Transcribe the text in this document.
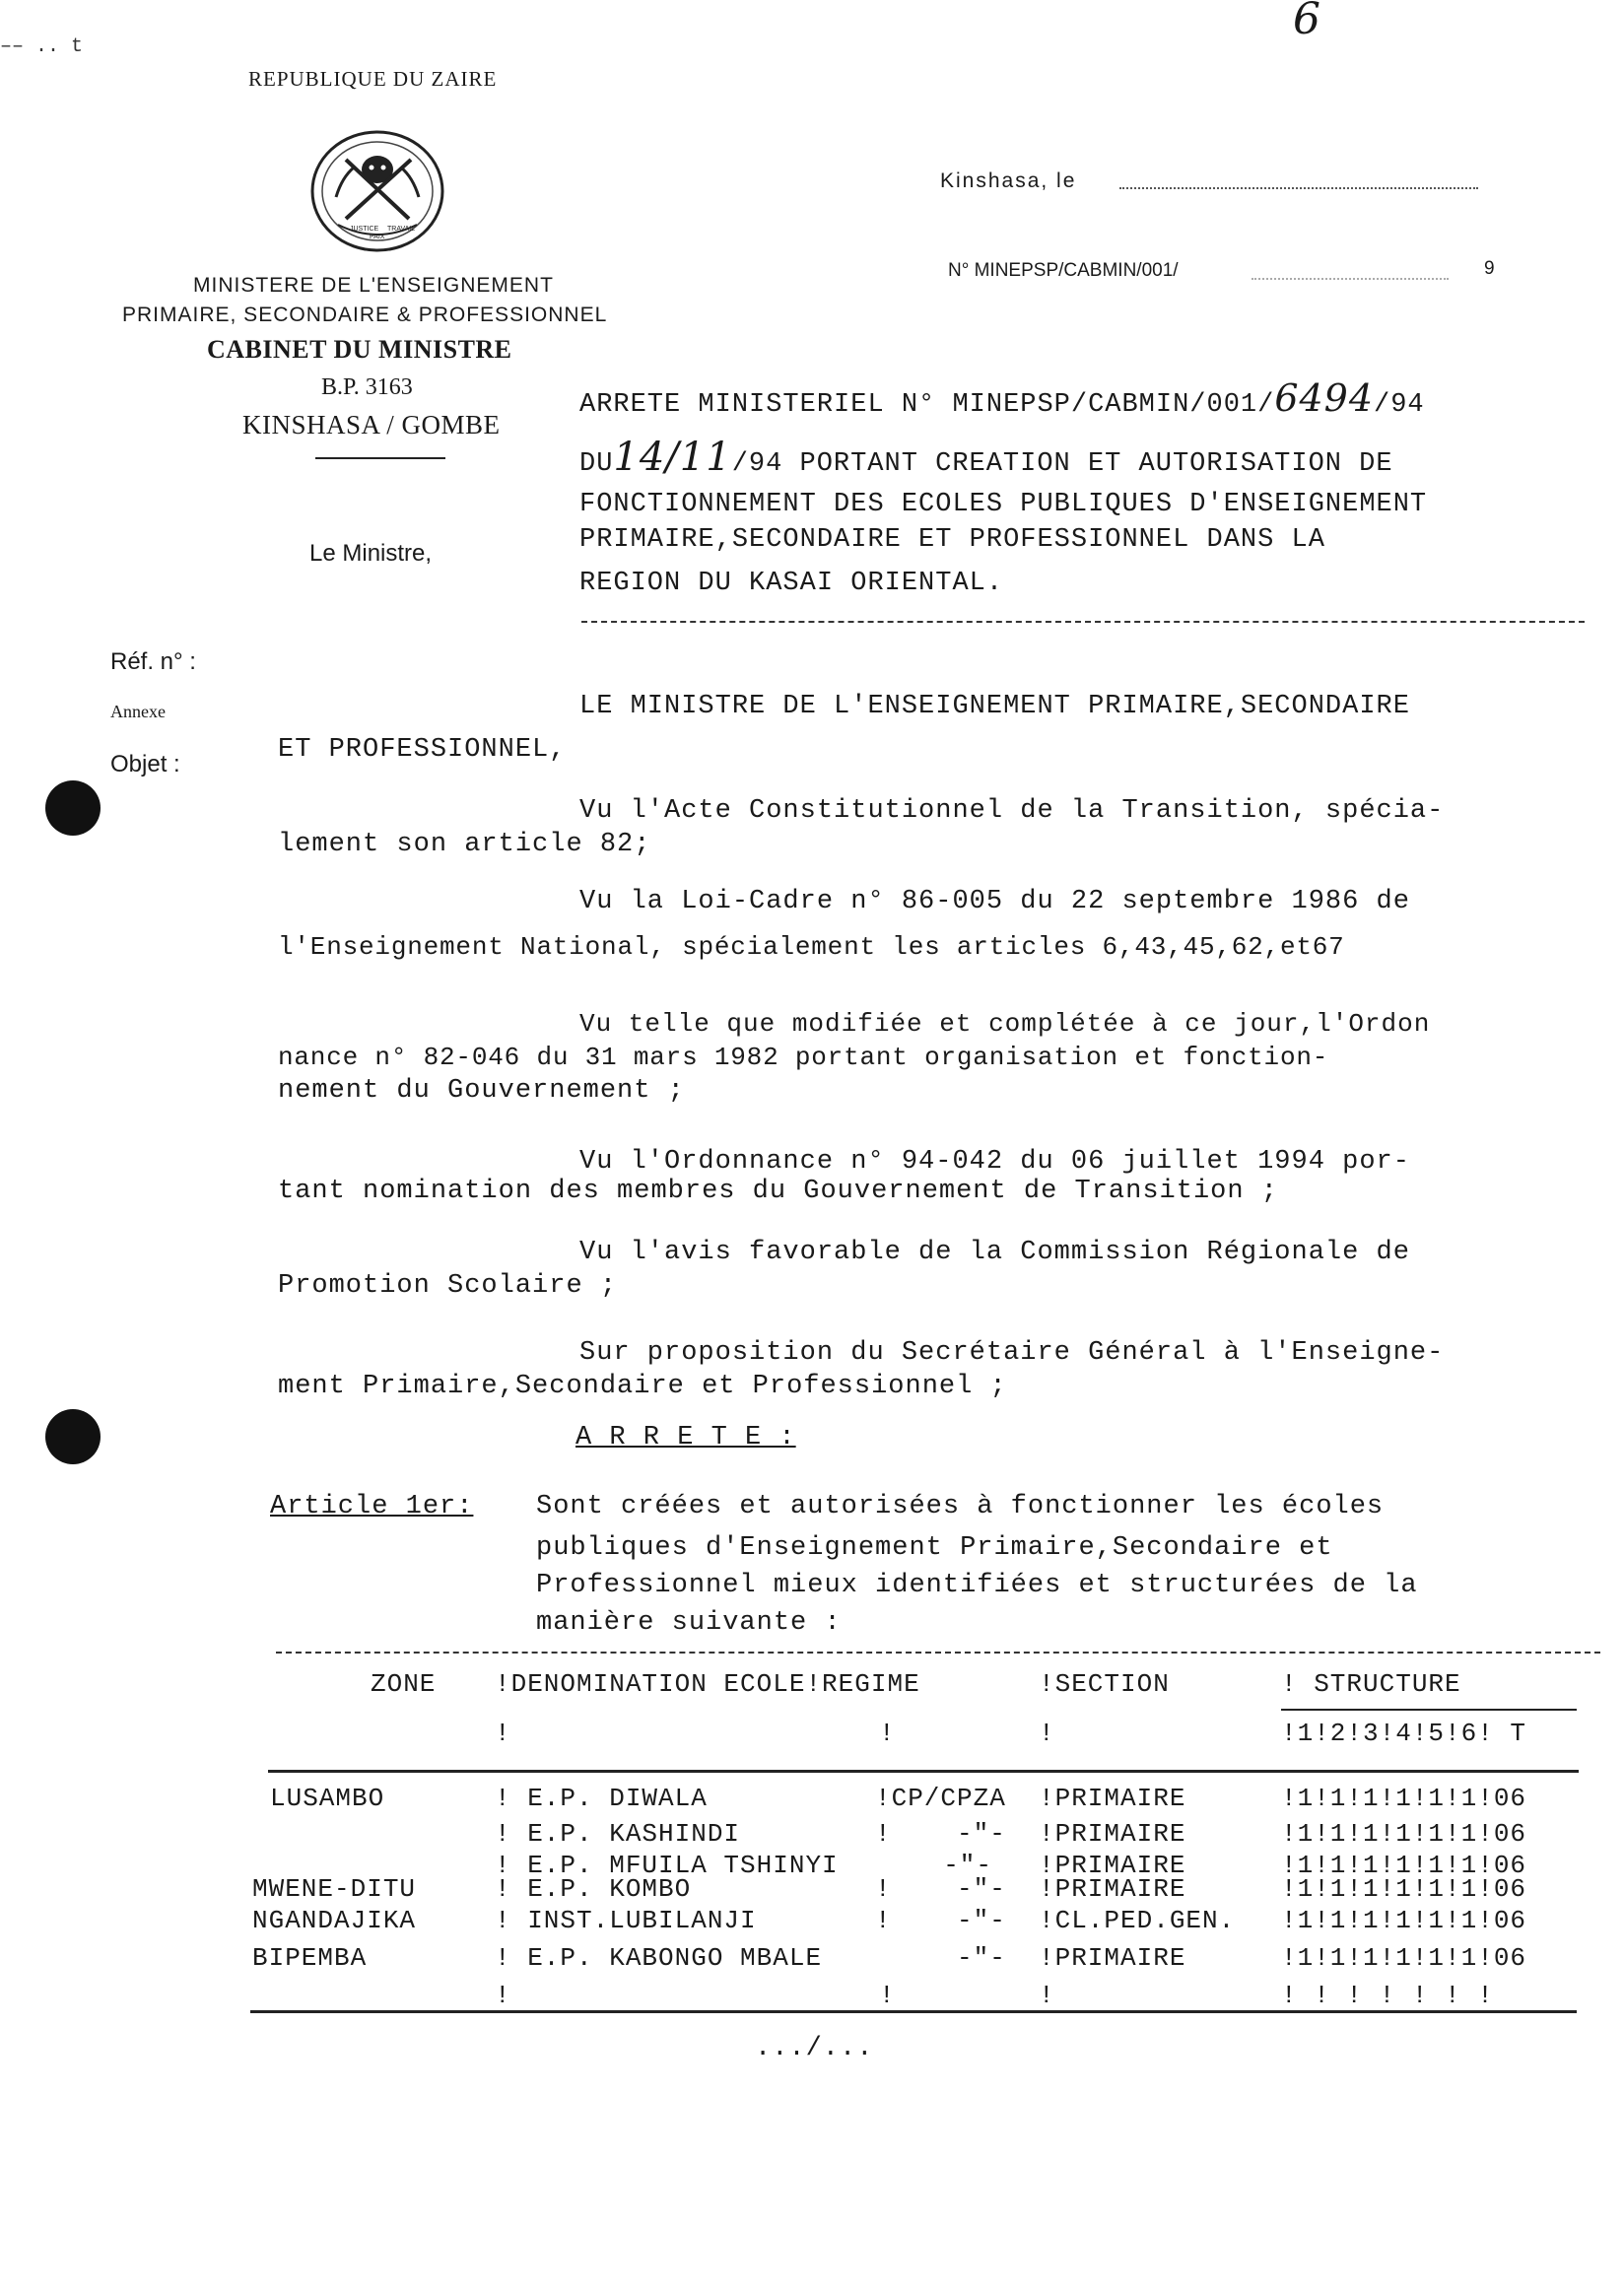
‒‒ .. t
6
REPUBLIQUE DU ZAIRE
JUSTICE
PAIX
TRAVAIL
MINISTERE DE L'ENSEIGNEMENT
PRIMAIRE, SECONDAIRE & PROFESSIONNEL
CABINET DU MINISTRE
B.P. 3163
KINSHASA / GOMBE
Le Ministre,
Kinshasa, le
N° MINEPSP/CABMIN/001/	9
Réf. n° :
Annexe
Objet :
ARRETE MINISTERIEL N° MINEPSP/CABMIN/001/6494/94
DU14/11/94 PORTANT CREATION ET AUTORISATION DE
FONCTIONNEMENT DES ECOLES PUBLIQUES D'ENSEIGNEMENT
PRIMAIRE,SECONDAIRE ET PROFESSIONNEL DANS LA
REGION DU KASAI ORIENTAL.
LE MINISTRE DE L'ENSEIGNEMENT PRIMAIRE,SECONDAIRE
ET PROFESSIONNEL,
Vu l'Acte Constitutionnel de la Transition, spécia-
lement son article 82;
Vu la Loi-Cadre n° 86-005 du 22 septembre 1986 de
l'Enseignement National, spécialement les articles 6,43,45,62,et67
Vu telle que modifiée et complétée à ce jour,l'Ordon
nance n° 82-046 du 31 mars 1982 portant organisation et fonction-
nement du Gouvernement ;
Vu l'Ordonnance n° 94-042 du 06 juillet 1994 por-
tant nomination des membres du Gouvernement de Transition ;
Vu l'avis favorable de la Commission Régionale de
Promotion Scolaire ;
Sur proposition du Secrétaire Général à l'Enseigne-
ment Primaire,Secondaire et Professionnel ;
A R R E T E :
Article 1er: Sont créées et autorisées à fonctionner les écoles
publiques d'Enseignement Primaire,Secondaire et
Professionnel mieux identifiées et structurées de la
manière suivante :
ZONE !DENOMINATION ECOLE!REGIME	!SECTION	! STRUCTURE
!	!	!	!1!2!3!4!5!6! T
LUSAMBO	! E.P. DIWALA	!CP/CPZA !PRIMAIRE	!1!1!1!1!1!1!06
! E.P. KASHINDI	!    -"- !PRIMAIRE	!1!1!1!1!1!1!06
! E.P. MFUILA TSHINYI	-"- !PRIMAIRE	!1!1!1!1!1!1!06
MWENE-DITU	! E.P. KOMBO	!    -"- !PRIMAIRE	!1!1!1!1!1!1!06
NGANDAJIKA	! INST.LUBILANJI	!    -"- !CL.PED.GEN. !1!1!1!1!1!1!06
BIPEMBA	! E.P. KABONGO MBALE -"- !PRIMAIRE	!1!1!1!1!1!1!06
!	!	!	! ! ! ! ! ! !
.../...
